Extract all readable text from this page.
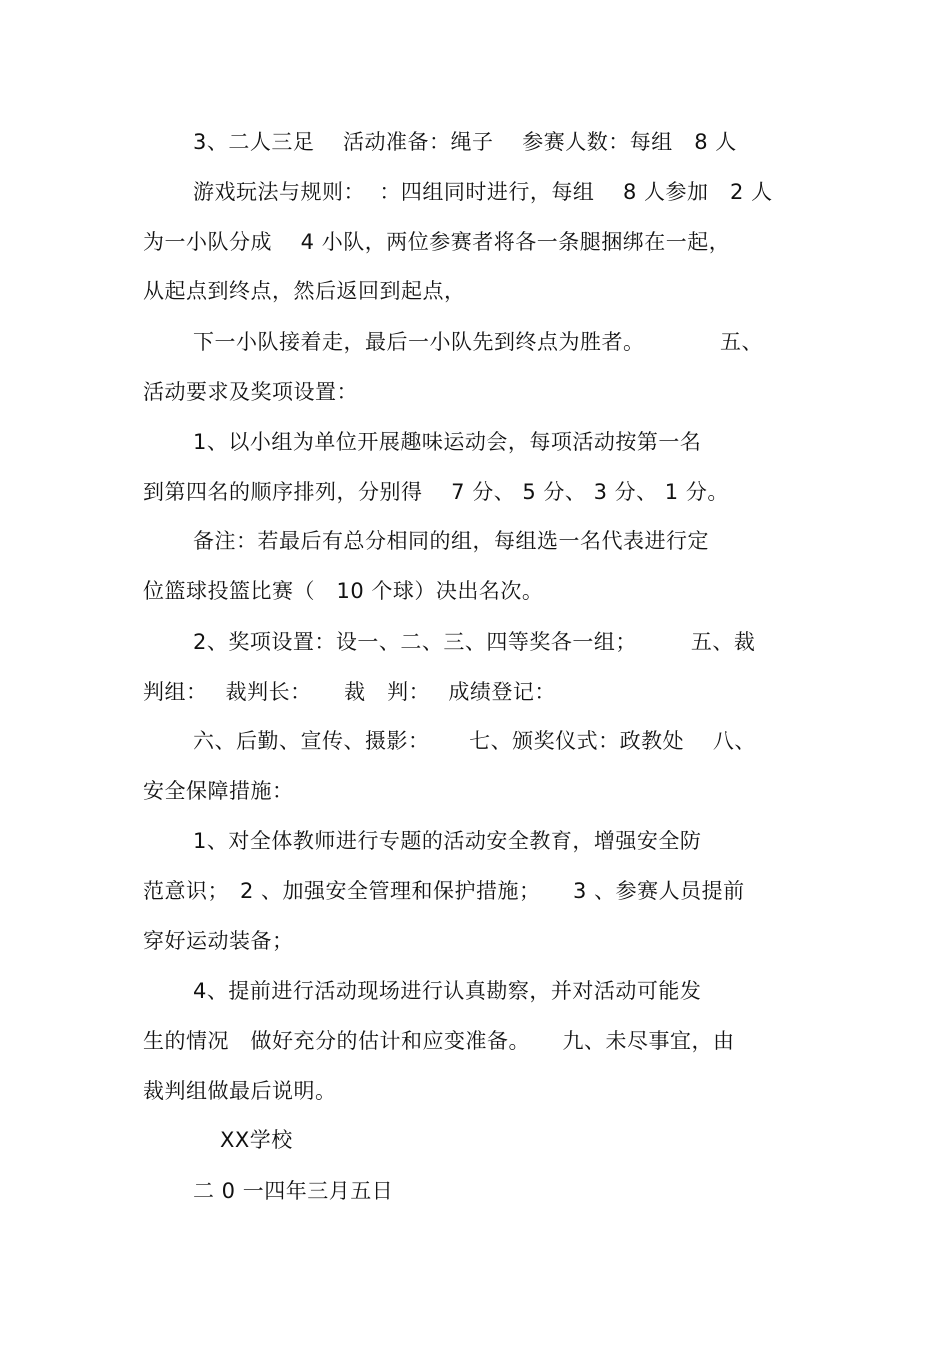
3、二人三足　 活动准备：绳子　 参赛人数：每组　8 人
游戏玩法与规则：  ：四组同时进行，每组　 8 人参加　2 人
为一小队分成　 4 小队，两位参赛者将各一条腿捆绑在一起，
从起点到终点，然后返回到起点，
下一小队接着走，最后一小队先到终点为胜者。　　　　五、
活动要求及奖项设置：
1、以小组为单位开展趣味运动会，每项活动按第一名
到第四名的顺序排列，分别得　 7 分、 5 分、 3 分、 1 分。
备注：若最后有总分相同的组，每组选一名代表进行定
位篮球投篮比赛（　10 个球）决出名次。
2、奖项设置：设一、二、三、四等奖各一组；　　　五、裁
判组：　 裁判长：　　裁　判：　 成绩登记：
六、后勤、宣传、摄影：　　 七、颁奖仪式：政教处　 八、
安全保障措施：
1、对全体教师进行专题的活动安全教育，增强安全防
范意识；　2 、加强安全管理和保护措施；　　3 、参赛人员提前
穿好运动装备；
4、提前进行活动现场进行认真勘察，并对活动可能发
生的情况　做好充分的估计和应变准备。　　九、未尽事宜，由
裁判组做最后说明。
XX学校
二 0 一四年三月五日
